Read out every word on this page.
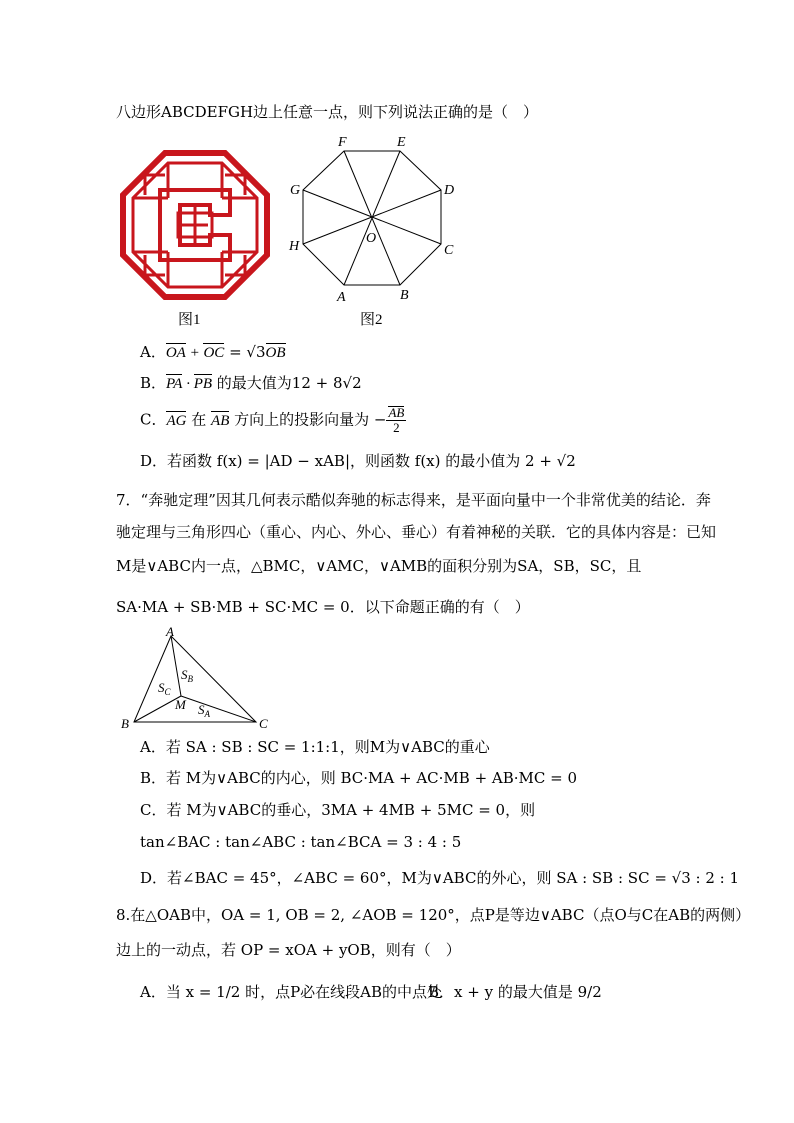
八边形ABCDEFGH边上任意一点，则下列说法正确的是（　）
图1
F	E
G	D
H	C
O
A	B
图2
A．OA + OC = √3OB
B．PA · PB 的最大值为12 + 8√2
C．AG 在 AB 方向上的投影向量为 − $\frac{AB}{2}$
D．若函数 f(x) = |AD − xAB|，则函数 f(x) 的最小值为 2 + √2
7．“奔驰定理”因其几何表示酷似奔驰的标志得来，是平面向量中一个非常优美的结论．奔
驰定理与三角形四心（重心、内心、外心、垂心）有着神秘的关联．它的具体内容是：已知
M是∨ABC内一点，△BMC，∨AMC，∨AMB的面积分别为SA，SB，SC，且
SA·MA + SB·MB + SC·MC = 0．以下命题正确的有（　）
A
B	C
M
$S_B$
$S_C$
$S_A$
A．若 SA : SB : SC = 1:1:1，则M为∨ABC的重心
B．若 M为∨ABC的内心，则 BC·MA + AC·MB + AB·MC = 0
C．若 M为∨ABC的垂心，3MA + 4MB + 5MC = 0，则
tan∠BAC : tan∠ABC : tan∠BCA = 3 : 4 : 5
D．若∠BAC = 45°，∠ABC = 60°，M为∨ABC的外心，则 SA : SB : SC = √3 : 2 : 1
8.在△OAB中，OA = 1, OB = 2, ∠AOB = 120°，点P是等边∨ABC（点O与C在AB的两侧）
边上的一动点，若 OP = xOA + yOB，则有（　）
A．当 x = 1/2 时，点P必在线段AB的中点处
B．x + y 的最大值是 9/2
